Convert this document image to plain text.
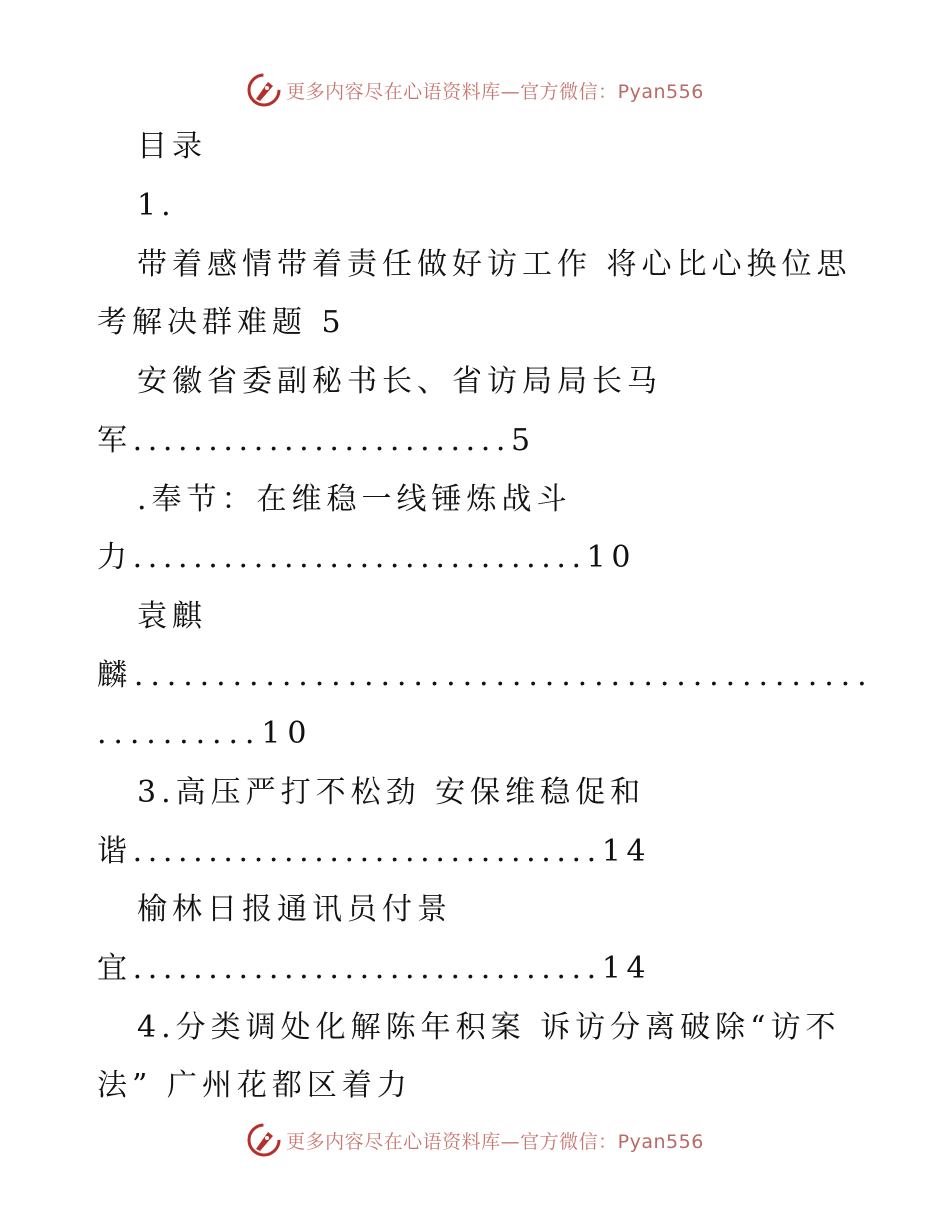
更多内容尽在心语资料库—官方微信：Pyan556
目录
1.
带着感情带着责任做好访工作 将心比心换位思
考解决群难题 5
安徽省委副秘书长、省访局局长马
军.........................5
.奉节：在维稳一线锤炼战斗
力..............................10
袁麒
麟.............................................
..........10
3.高压严打不松劲 安保维稳促和
谐...............................14
榆林日报通讯员付景
宜...............................14
4.分类调处化解陈年积案 诉访分离破除“访不
法” 广州花都区着力
更多内容尽在心语资料库—官方微信：Pyan556
